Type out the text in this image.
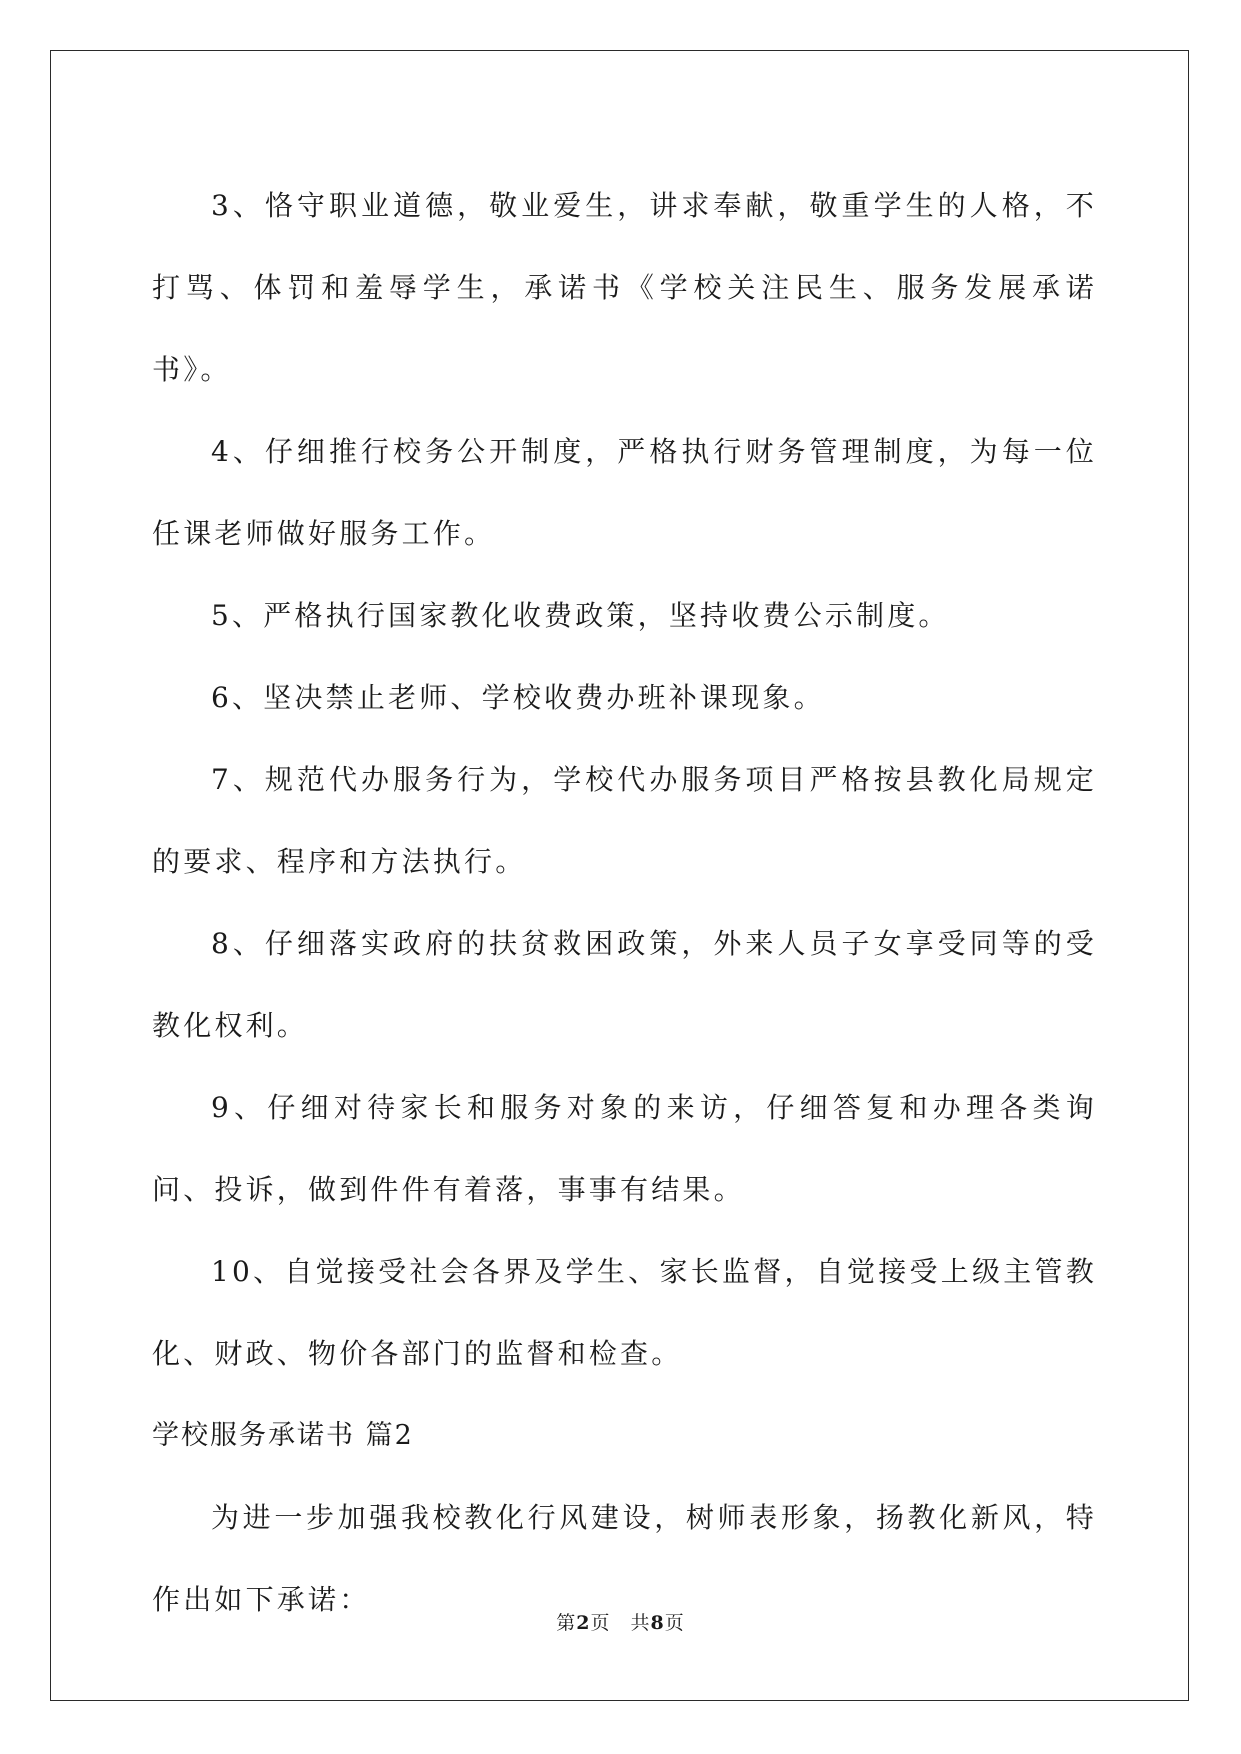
3、恪守职业道德，敬业爱生，讲求奉献，敬重学生的人格，不打骂、体罚和羞辱学生，承诺书《学校关注民生、服务发展承诺书》。

4、仔细推行校务公开制度，严格执行财务管理制度，为每一位任课老师做好服务工作。

5、严格执行国家教化收费政策，坚持收费公示制度。

6、坚决禁止老师、学校收费办班补课现象。

7、规范代办服务行为，学校代办服务项目严格按县教化局规定的要求、程序和方法执行。

8、仔细落实政府的扶贫救困政策，外来人员子女享受同等的受教化权利。

9、仔细对待家长和服务对象的来访，仔细答复和办理各类询问、投诉，做到件件有着落，事事有结果。

10、自觉接受社会各界及学生、家长监督，自觉接受上级主管教化、财政、物价各部门的监督和检查。

学校服务承诺书 篇2

为进一步加强我校教化行风建设，树师表形象，扬教化新风，特作出如下承诺：

第2页 共8页
